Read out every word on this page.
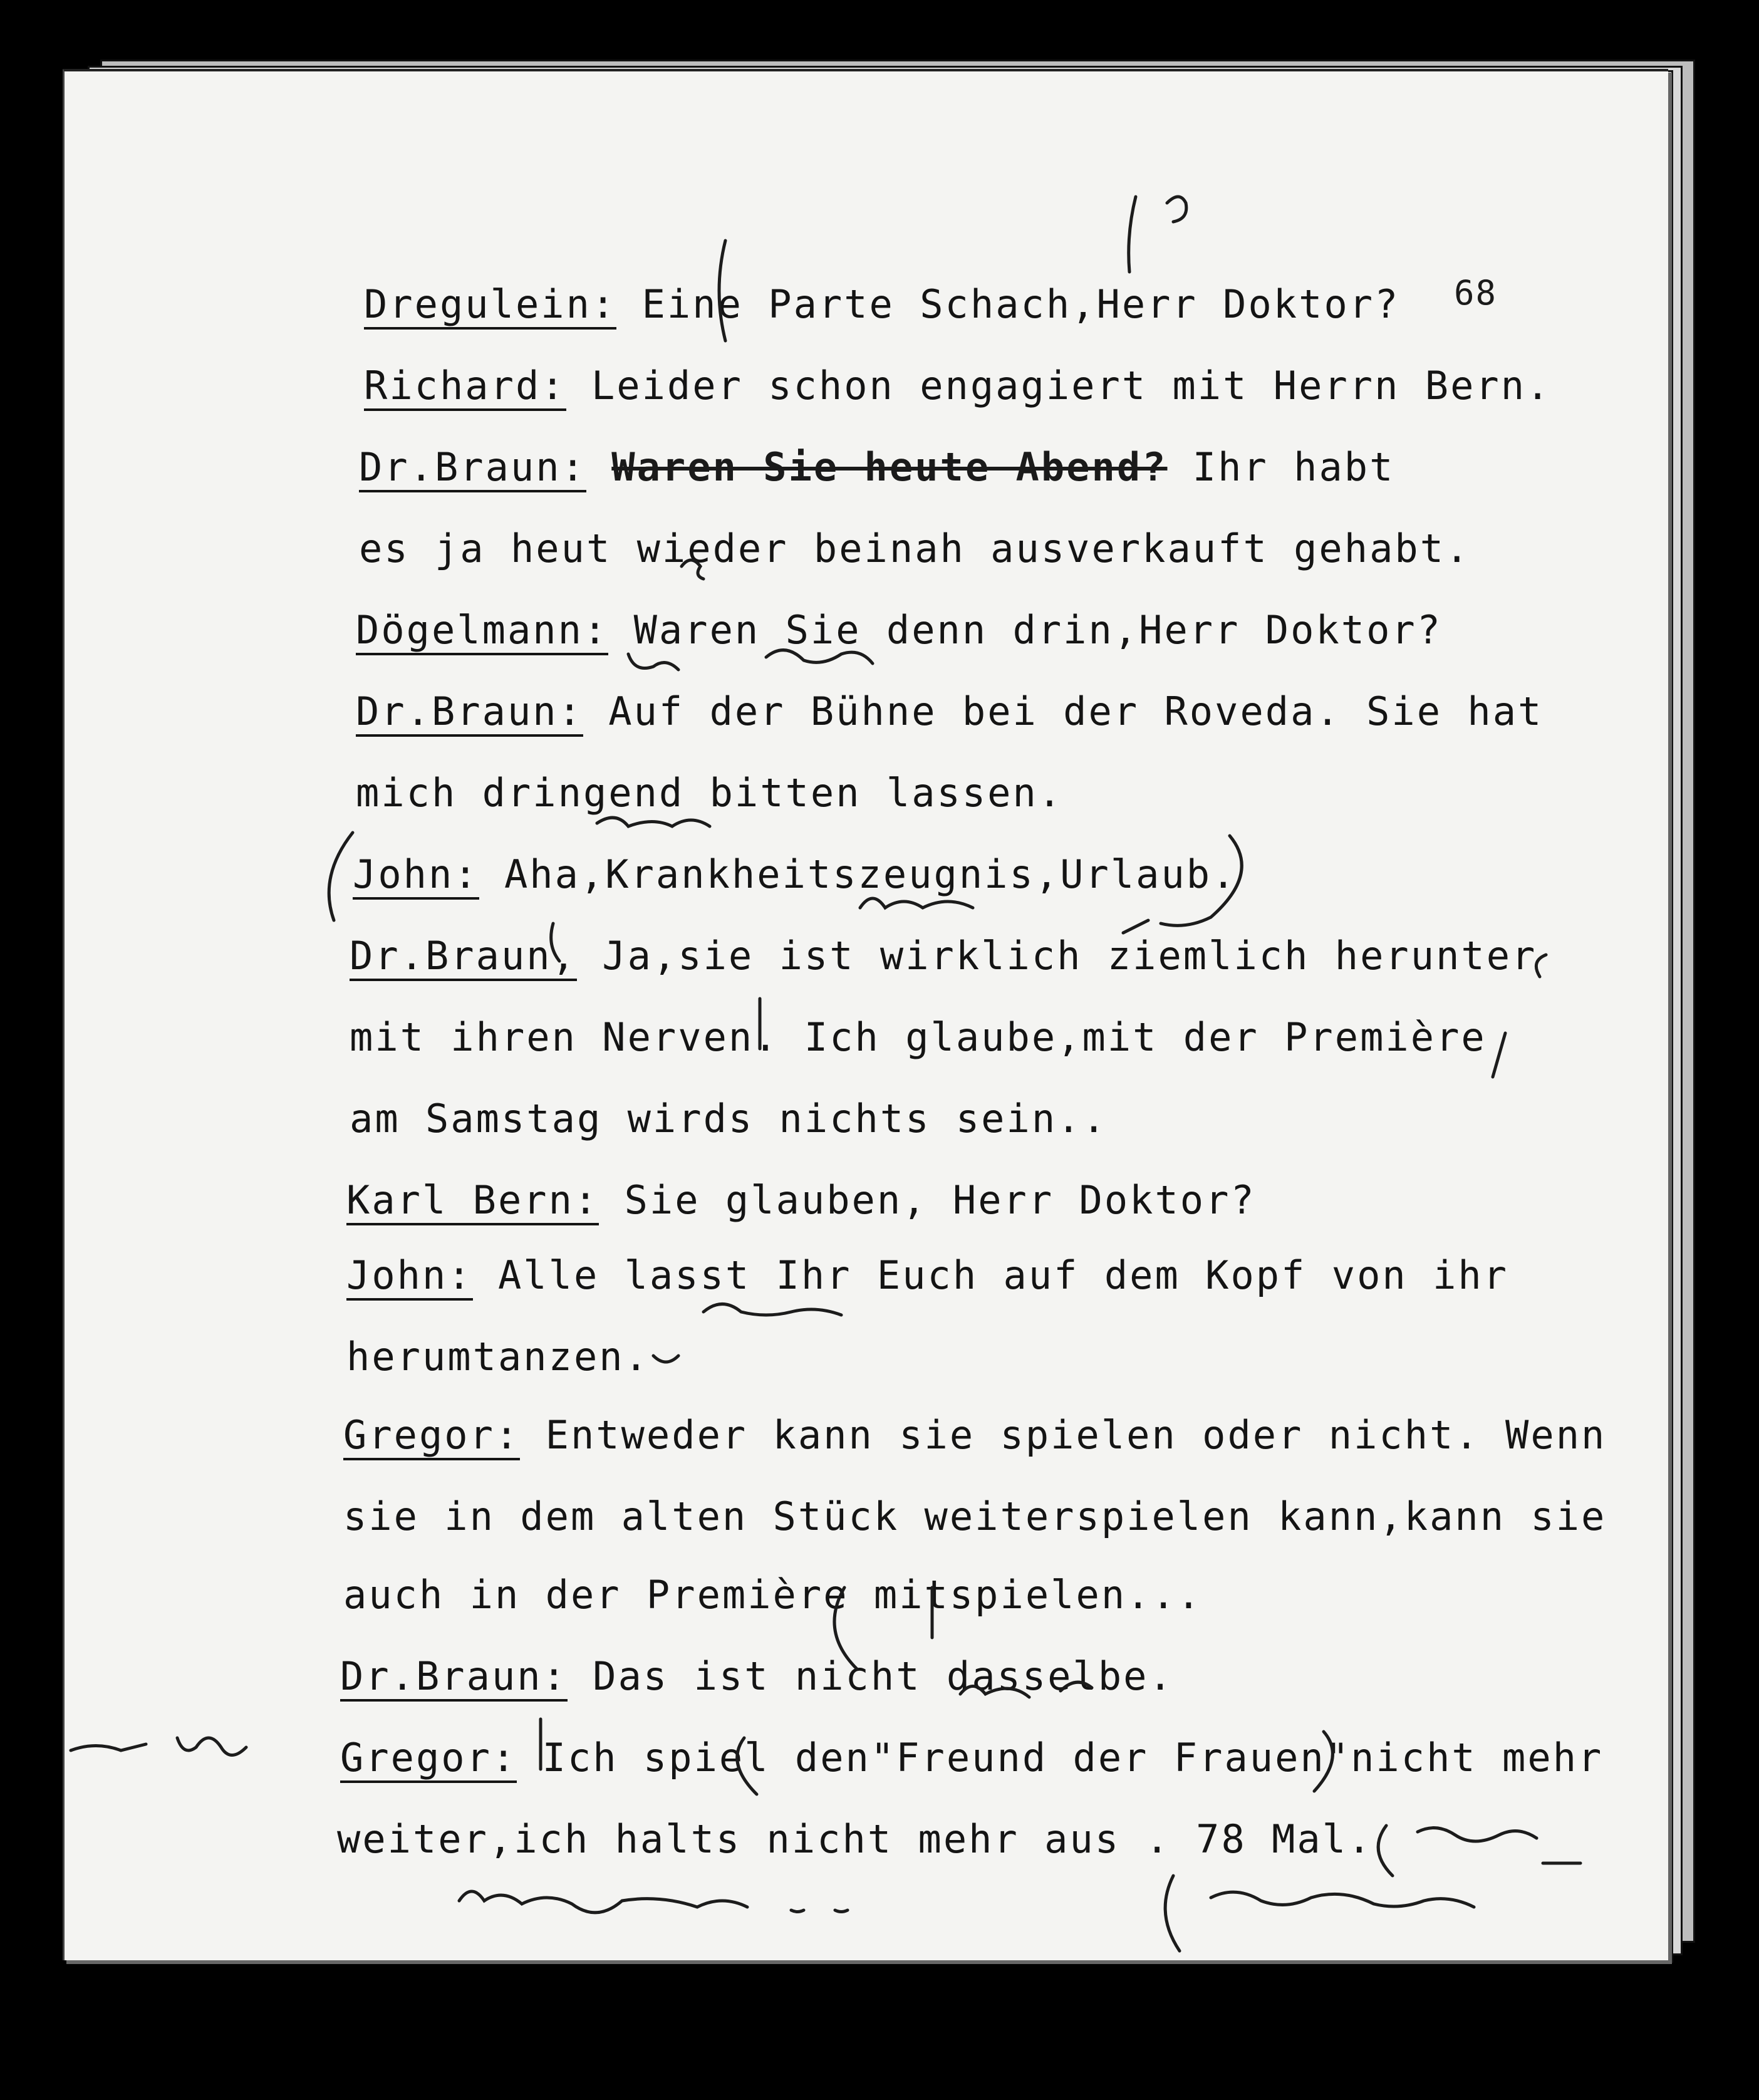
68
Dregulein: Eine Parte Schach,Herr Doktor?
Richard: Leider schon engagiert mit Herrn Bern.
Dr.Braun: Waren Sie heute Abend? Ihr habt
es ja heut wieder beinah ausverkauft gehabt.
Dögelmann: Waren Sie denn drin,Herr Doktor?
Dr.Braun: Auf der Bühne bei der Roveda. Sie hat
mich dringend bitten lassen.
John: Aha,Krankheitszeugnis,Urlaub.
Dr.Braun, Ja,sie ist wirklich ziemlich herunter
mit ihren Nerven. Ich glaube,mit der Première
am Samstag wirds nichts sein..
Karl Bern: Sie glauben, Herr Doktor?
John: Alle lasst Ihr Euch auf dem Kopf von ihr
herumtanzen.
Gregor: Entweder kann sie spielen oder nicht. Wenn
sie in dem alten Stück weiterspielen kann,kann sie
auch in der Première mitspielen...
Dr.Braun: Das ist nicht dasselbe.
Gregor: Ich spiel den"Freund der Frauen"nicht mehr
weiter,ich halts nicht mehr aus . 78 Mal.
